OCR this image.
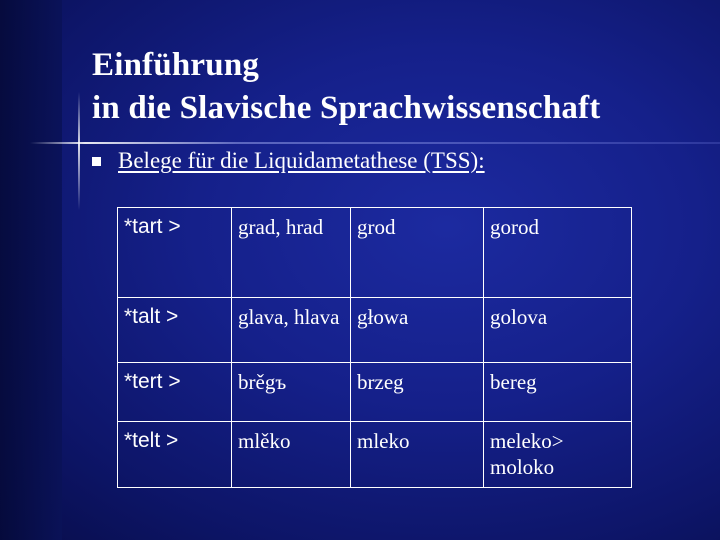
Einführung
in die Slavische Sprachwissenschaft
Belege für die Liquidametathese (TSS):
*tart >	grad, hrad	grod	gorod
*talt >	glava, hlava	głowa	golova
*tert >	brěgъ	brzeg	bereg
*telt >	mlěko	mleko	meleko> moloko
